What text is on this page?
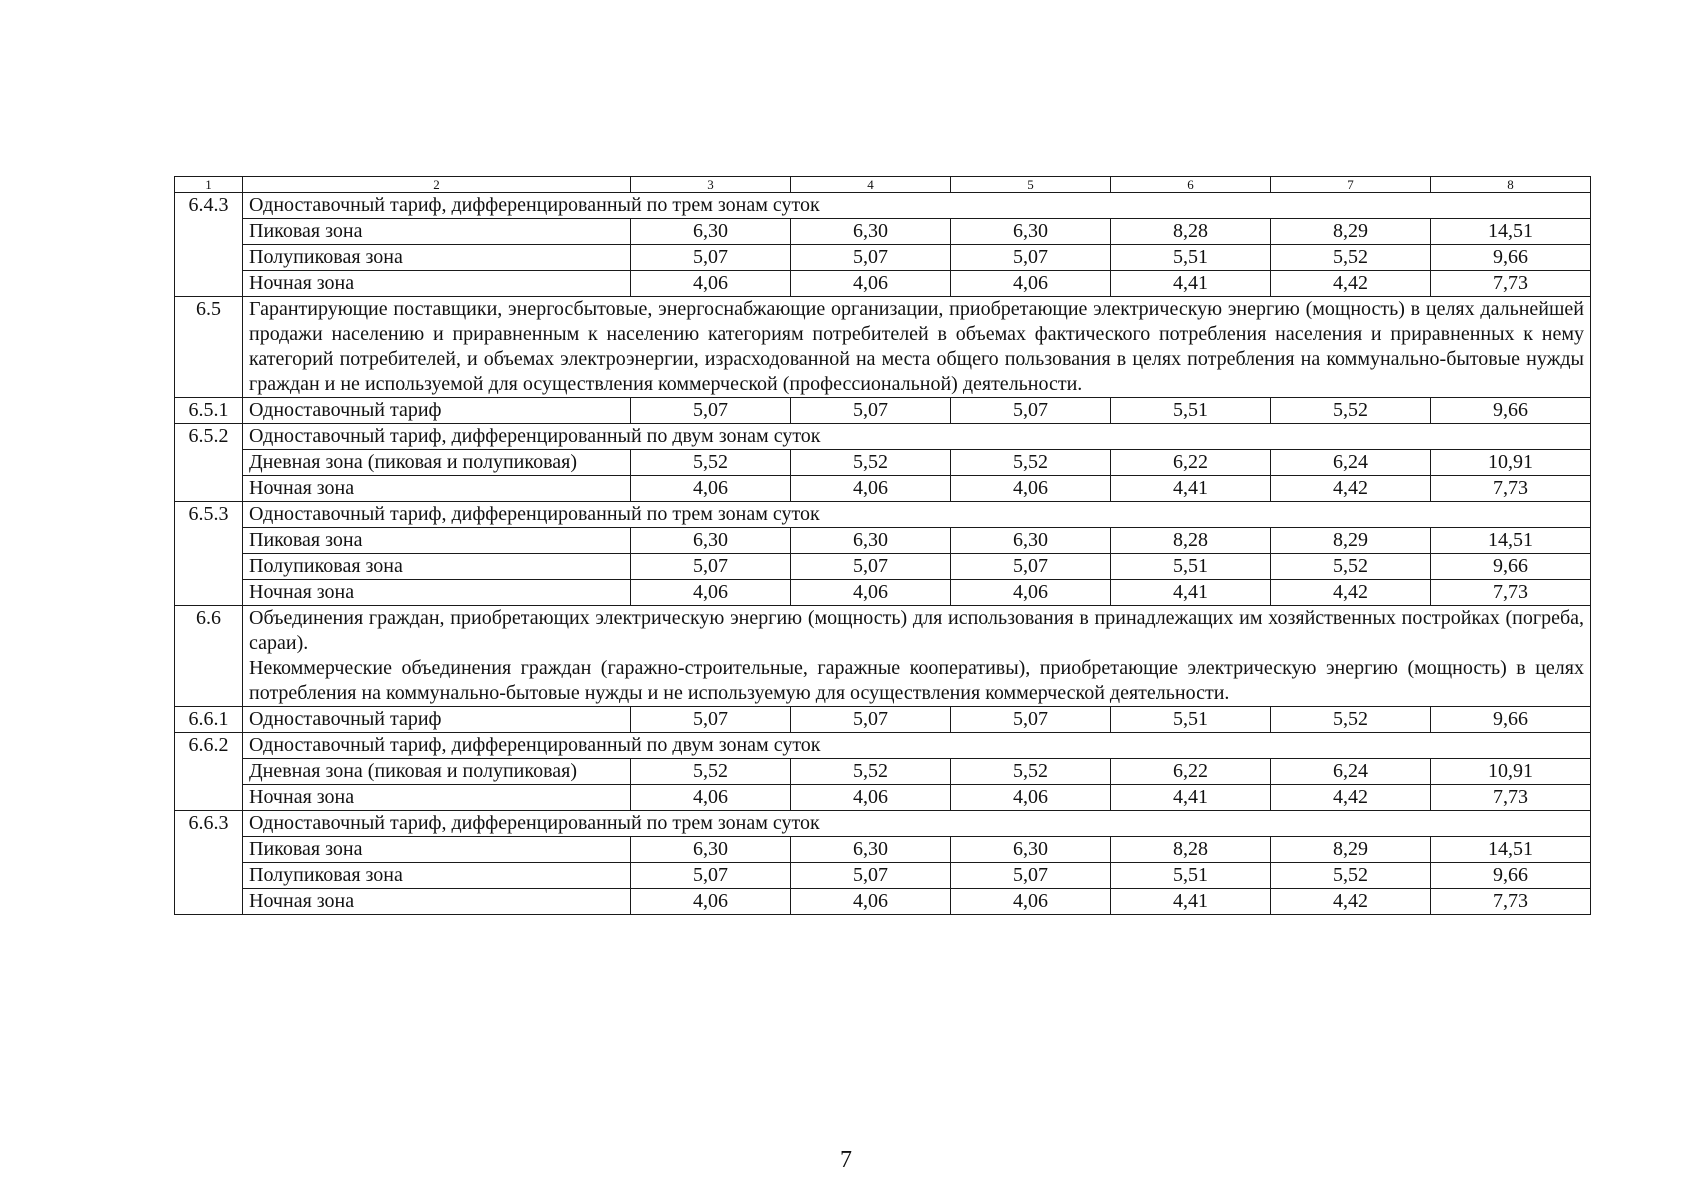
1	2	3	4	5	6	7	8
6.4.3	Одноставочный тариф, дифференцированный по трем зонам суток						
	Пиковая зона	6,30	6,30	6,30	8,28	8,29	14,51
	Полупиковая зона	5,07	5,07	5,07	5,51	5,52	9,66
	Ночная зона	4,06	4,06	4,06	4,41	4,42	7,73
6.5	Гарантирующие поставщики, энергосбытовые, энергоснабжающие организации, приобретающие электрическую энергию (мощность) в целях дальнейшей продажи населению и приравненным к населению категориям потребителей в объемах фактического потребления населения и приравненных к нему категорий потребителей, и объемах электроэнергии, израсходованной на места общего пользования в целях потребления на коммунально-бытовые нужды граждан и не используемой для осуществления коммерческой (профессиональной) деятельности.						
6.5.1	Одноставочный тариф	5,07	5,07	5,07	5,51	5,52	9,66
6.5.2	Одноставочный тариф, дифференцированный по двум зонам суток						
	Дневная зона (пиковая и полупиковая)	5,52	5,52	5,52	6,22	6,24	10,91
	Ночная зона	4,06	4,06	4,06	4,41	4,42	7,73
6.5.3	Одноставочный тариф, дифференцированный по трем зонам суток						
	Пиковая зона	6,30	6,30	6,30	8,28	8,29	14,51
	Полупиковая зона	5,07	5,07	5,07	5,51	5,52	9,66
	Ночная зона	4,06	4,06	4,06	4,41	4,42	7,73
6.6	Объединения граждан, приобретающих электрическую энергию (мощность) для использования в принадлежащих им хозяйственных постройках (погреба, сараи).
Некоммерческие объединения граждан (гаражно-строительные, гаражные кооперативы), приобретающие электрическую энергию (мощность) в целях потребления на коммунально-бытовые нужды и не используемую для осуществления коммерческой деятельности.						

6.6.1	Одноставочный тариф	5,07	5,07	5,07	5,51	5,52	9,66
6.6.2	Одноставочный тариф, дифференцированный по двум зонам суток						
	Дневная зона (пиковая и полупиковая)	5,52	5,52	5,52	6,22	6,24	10,91
	Ночная зона	4,06	4,06	4,06	4,41	4,42	7,73
6.6.3	Одноставочный тариф, дифференцированный по трем зонам суток						
	Пиковая зона	6,30	6,30	6,30	8,28	8,29	14,51
	Полупиковая зона	5,07	5,07	5,07	5,51	5,52	9,66
	Ночная зона	4,06	4,06	4,06	4,41	4,42	7,73
7
